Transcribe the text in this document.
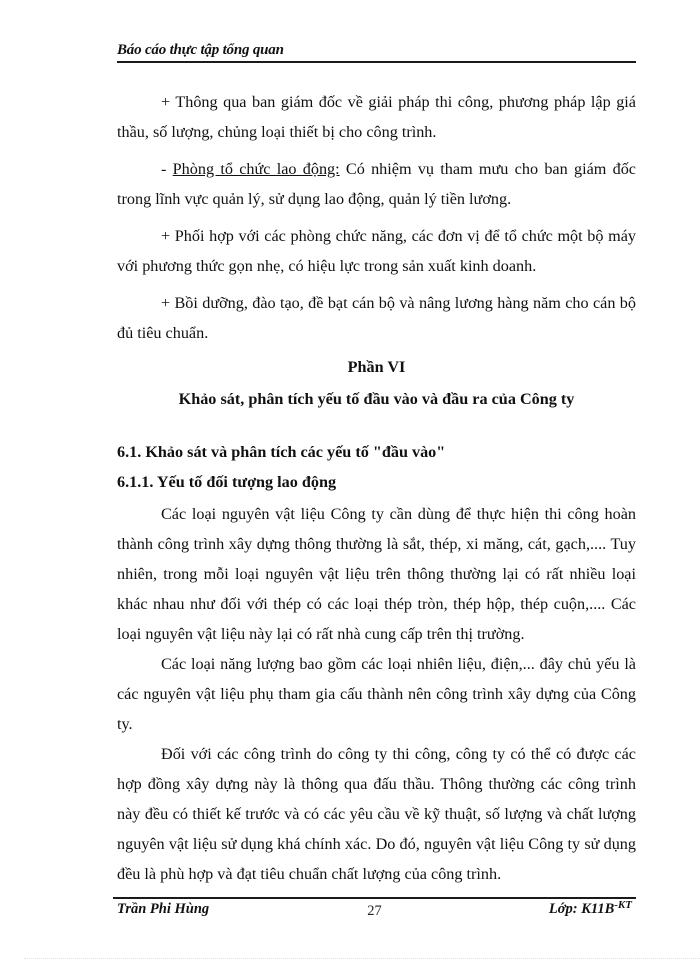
Báo cáo thực tập tổng quan

+ Thông qua ban giám đốc về giải pháp thi công, phương pháp lập giá thầu, số lượng, chủng loại thiết bị cho công trình.

- Phòng tổ chức lao động: Có nhiệm vụ tham mưu cho ban giám đốc trong lĩnh vực quản lý, sử dụng lao động, quản lý tiền lương.

+ Phối hợp với các phòng chức năng, các đơn vị để tổ chức một bộ máy với phương thức gọn nhẹ, có hiệu lực trong sản xuất kinh doanh.

+ Bồi dưỡng, đào tạo, đề bạt cán bộ và nâng lương hàng năm cho cán bộ đủ tiêu chuẩn.

Phần VI

Khảo sát, phân tích yếu tố đầu vào và đầu ra của Công ty

6.1. Khảo sát và phân tích các yếu tố "đầu vào"

6.1.1. Yếu tố đối tượng lao động

Các loại nguyên vật liệu Công ty cần dùng để thực hiện thi công hoàn thành công trình xây dựng thông thường là sắt, thép, xi măng, cát, gạch,.... Tuy nhiên, trong mỗi loại nguyên vật liệu trên thông thường lại có rất nhiều loại khác nhau như đối với thép có các loại thép tròn, thép hộp, thép cuộn,.... Các loại nguyên vật liệu này lại có rất nhà cung cấp trên thị trường.

Các loại năng lượng bao gồm các loại nhiên liệu, điện,... đây chủ yếu là các nguyên vật liệu phụ tham gia cấu thành nên công trình xây dựng của Công ty.

Đối với các công trình do công ty thi công, công ty có thể có được các hợp đồng xây dựng này là thông qua đấu thầu. Thông thường các công trình này đều có thiết kế trước và có các yêu cầu về kỹ thuật, số lượng và chất lượng nguyên vật liệu sử dụng khá chính xác. Do đó, nguyên vật liệu Công ty sử dụng đều là phù hợp và đạt tiêu chuẩn chất lượng của công trình.

Trần Phi Hùng	27	Lớp: $K11B^{-KT}$
